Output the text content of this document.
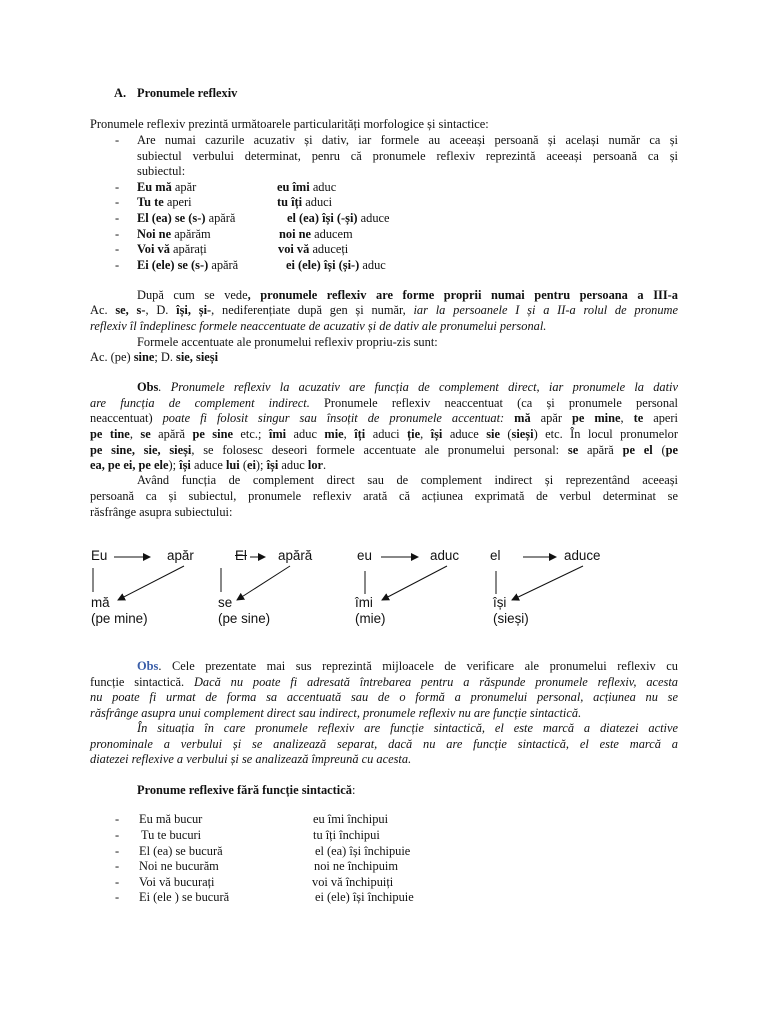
A. Pronumele reflexiv
Pronumele reflexiv prezintă următoarele particularități morfologice și sintactice:
- Are numai cazurile acuzativ și dativ, iar formele au aceeași persoană și același număr ca și
subiectul verbului determinat, penru că pronumele reflexiv reprezintă aceeași persoană ca și
subiectul:
- Eu mă apăr	eu îmi aduc
- Tu te aperi	tu îți aduci
- El (ea) se (s-) apără	el (ea) își (-și) aduce
- Noi ne apărăm	noi ne aducem
- Voi vă apărați	voi vă aduceți
- Ei (ele) se (s-) apără	ei (ele) își (și-) aduc
După cum se vede, pronumele reflexiv are forme proprii numai pentru persoana a III-a
Ac. se, s-, D. își, și-, nediferențiate după gen și număr, iar la persoanele I și a II-a rolul de pronume
reflexiv îl îndeplinesc formele neaccentuate de acuzativ și de dativ ale pronumelui personal.
Formele accentuate ale pronumelui reflexiv propriu-zis sunt:
Ac. (pe) sine; D. sie, sieși
Obs. Pronumele reflexiv la acuzativ are funcția de complement direct, iar pronumele la dativ
are funcția de complement indirect. Pronumele reflexiv neaccentuat (ca și pronumele personal
neaccentuat) poate fi folosit singur sau însoțit de pronumele accentuat: mă apăr pe mine, te aperi
pe tine, se apără pe sine etc.; îmi aduc mie, îți aduci ție, își aduce sie (sieși) etc. În locul pronumelor
pe sine, sie, sieși, se folosesc deseori formele accentuate ale pronumelui personal: se apără pe el (pe
ea, pe ei, pe ele); își aduce lui (ei); își aduc lor.
Având funcția de complement direct sau de complement indirect și reprezentând aceeași
persoană ca și subiectul, pronumele reflexiv arată că acțiunea exprimată de verbul determinat se
răsfrânge asupra subiectului:
Eu	apăr
mă
(pe mine)
El apără
se
(pe sine)
eu	aduc
îmi
(mie)
el	aduce
își
(sieși)
Obs. Cele prezentate mai sus reprezintă mijloacele de verificare ale pronumelui reflexiv cu
funcție sintactică. Dacă nu poate fi adresată întrebarea pentru a răspunde pronumele reflexiv, acesta
nu poate fi urmat de forma sa accentuată sau de o formă a pronumelui personal, acțiunea nu se
răsfrânge asupra unui complement direct sau indirect, pronumele reflexiv nu are funcție sintactică.
În situația în care pronumele reflexiv are funcție sintactică, el este marcă a diatezei active
pronominale a verbului și se analizează separat, dacă nu are funcție sintactică, el este marcă a
diatezei reflexive a verbului și se analizează împreună cu acesta.
Pronume reflexive fără funcție sintactică:
- Eu mă bucur	eu îmi închipui
- Tu te bucuri	tu îți închipui
- El (ea) se bucură	el (ea) își închipuie
- Noi ne bucurăm	noi ne închipuim
- Voi vă bucurați	voi vă închipuiți
- Ei (ele ) se bucură	ei (ele) își închipuie
